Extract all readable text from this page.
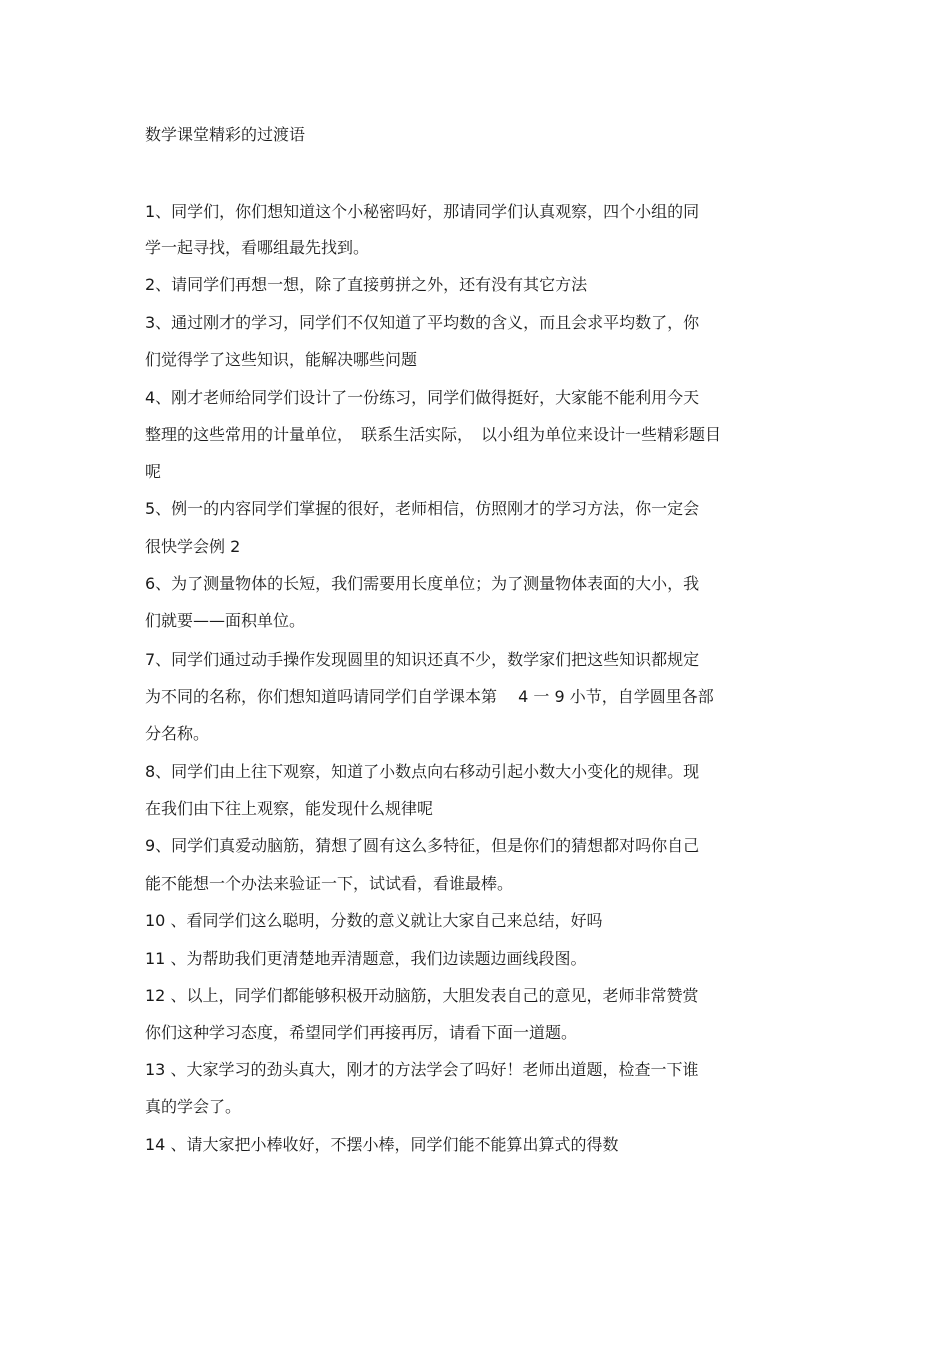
数学课堂精彩的过渡语
1、同学们，你们想知道这个小秘密吗好，那请同学们认真观察，四个小组的同
学一起寻找，看哪组最先找到。
2、请同学们再想一想，除了直接剪拼之外，还有没有其它方法
3、通过刚才的学习，同学们不仅知道了平均数的含义，而且会求平均数了，你
们觉得学了这些知识，能解决哪些问题
4、刚才老师给同学们设计了一份练习，同学们做得挺好，大家能不能利用今天
整理的这些常用的计量单位，　联系生活实际，　以小组为单位来设计一些精彩题目
呢
5、例一的内容同学们掌握的很好，老师相信，仿照刚才的学习方法，你一定会
很快学会例 2
6、为了测量物体的长短，我们需要用长度单位；为了测量物体表面的大小，我
们就要——面积单位。
7、同学们通过动手操作发现圆里的知识还真不少，数学家们把这些知识都规定
为不同的名称，你们想知道吗请同学们自学课本第　 4 一 9 小节，自学圆里各部
分名称。
8、同学们由上往下观察，知道了小数点向右移动引起小数大小变化的规律。现
在我们由下往上观察，能发现什么规律呢
9、同学们真爱动脑筋，猜想了圆有这么多特征，但是你们的猜想都对吗你自己
能不能想一个办法来验证一下，试试看，看谁最棒。
10 、看同学们这么聪明，分数的意义就让大家自己来总结，好吗
11 、为帮助我们更清楚地弄清题意，我们边读题边画线段图。
12 、以上，同学们都能够积极开动脑筋，大胆发表自己的意见，老师非常赞赏
你们这种学习态度，希望同学们再接再厉，请看下面一道题。
13 、大家学习的劲头真大，刚才的方法学会了吗好！老师出道题，检查一下谁
真的学会了。
14 、请大家把小棒收好，不摆小棒，同学们能不能算出算式的得数
